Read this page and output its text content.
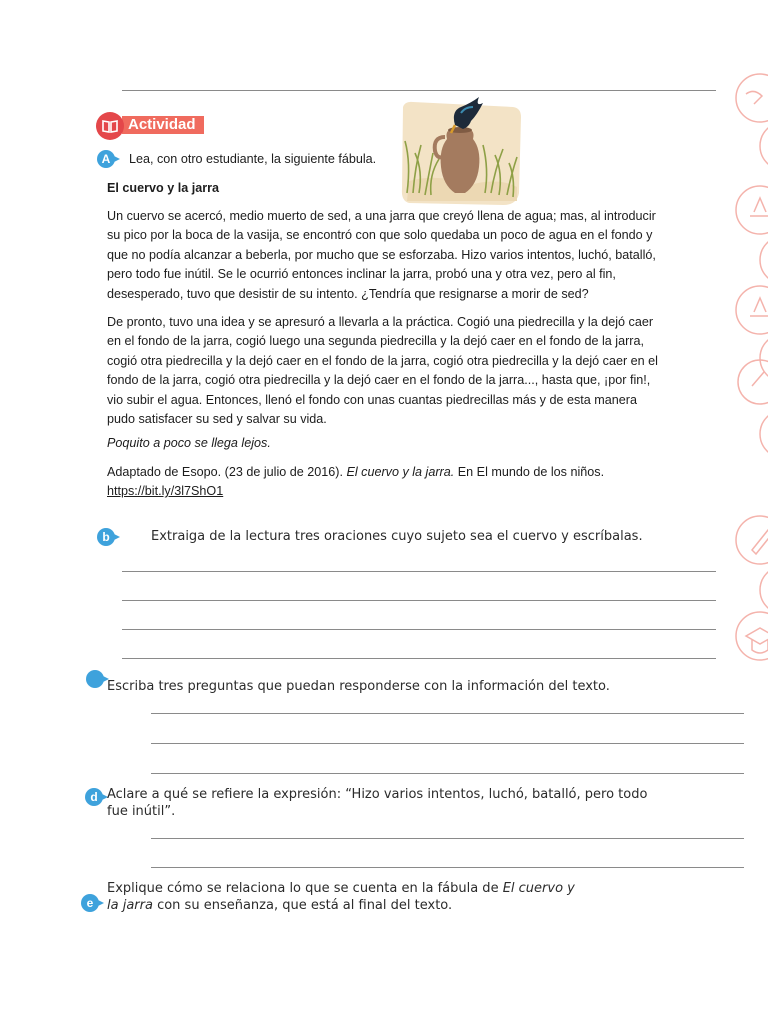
Actividad
A	Lea, con otro estudiante, la siguiente fábula.
El cuervo y la jarra
Un cuervo se acercó, medio muerto de sed, a una jarra que creyó llena de agua; mas, al introducir su pico por la boca de la vasija, se encontró con que solo quedaba un poco de agua en el fondo y que no podía alcanzar a beberla, por mucho que se esforzaba. Hizo varios intentos, luchó, batalló, pero todo fue inútil. Se le ocurrió entonces inclinar la jarra, probó una y otra vez, pero al fin, desesperado, tuvo que desistir de su intento. ¿Tendría que resignarse a morir de sed?
De pronto, tuvo una idea y se apresuró a llevarla a la práctica. Cogió una piedrecilla y la dejó caer en el fondo de la jarra, cogió luego una segunda piedrecilla y la dejó caer en el fondo de la jarra, cogió otra piedrecilla y la dejó caer en el fondo de la jarra, cogió otra piedrecilla y la dejó caer en el fondo de la jarra, cogió otra piedrecilla y la dejó caer en el fondo de la jarra..., hasta que, ¡por fin!, vio subir el agua. Entonces, llenó el fondo con unas cuantas piedrecillas más y de esta manera pudo satisfacer su sed y salvar su vida.
Poquito a poco se llega lejos.
Adaptado de Esopo. (23 de julio de 2016). El cuervo y la jarra. En El mundo de los niños.
https://bit.ly/3l7ShO1
b	Extraiga de la lectura tres oraciones cuyo sujeto sea el cuervo y escríbalas.
Escriba tres preguntas que puedan responderse con la información del texto.
d Aclare a qué se refiere la expresión: “Hizo varios intentos, luchó, batalló, pero todo fue inútil”.
e
Explique cómo se relaciona lo que se cuenta en la fábula de El cuervo y la jarra con su enseñanza, que está al final del texto.
